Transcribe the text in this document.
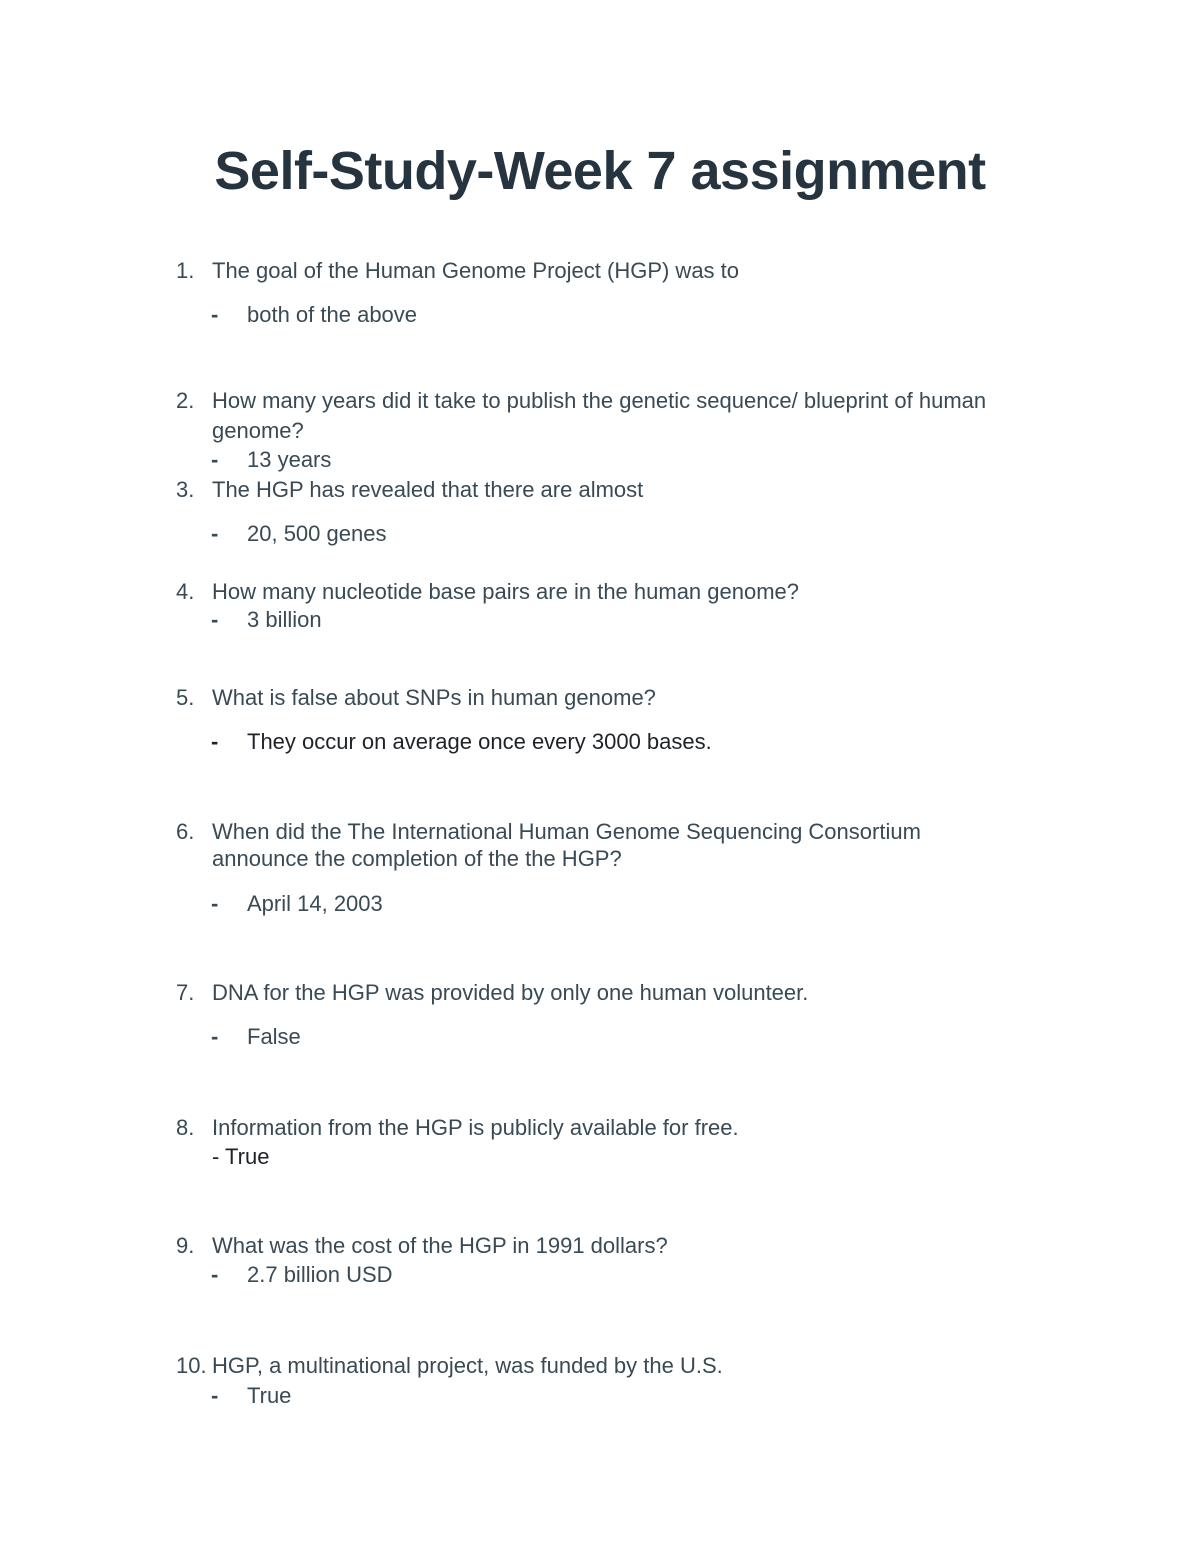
Self-Study-Week 7 assignment
1. The goal of the Human Genome Project (HGP) was to
- both of the above
2. How many years did it take to publish the genetic sequence/ blueprint of human
genome?
- 13 years
3. The HGP has revealed that there are almost
- 20, 500 genes
4. How many nucleotide base pairs are in the human genome?
- 3 billion
5. What is false about SNPs in human genome?
- They occur on average once every 3000 bases.
6. When did the The International Human Genome Sequencing Consortium
announce the completion of the the HGP?
- April 14, 2003
7. DNA for the HGP was provided by only one human volunteer.
- False
8. Information from the HGP is publicly available for free.
- True
9. What was the cost of the HGP in 1991 dollars?
- 2.7 billion USD
10. HGP, a multinational project, was funded by the U.S.
- True
